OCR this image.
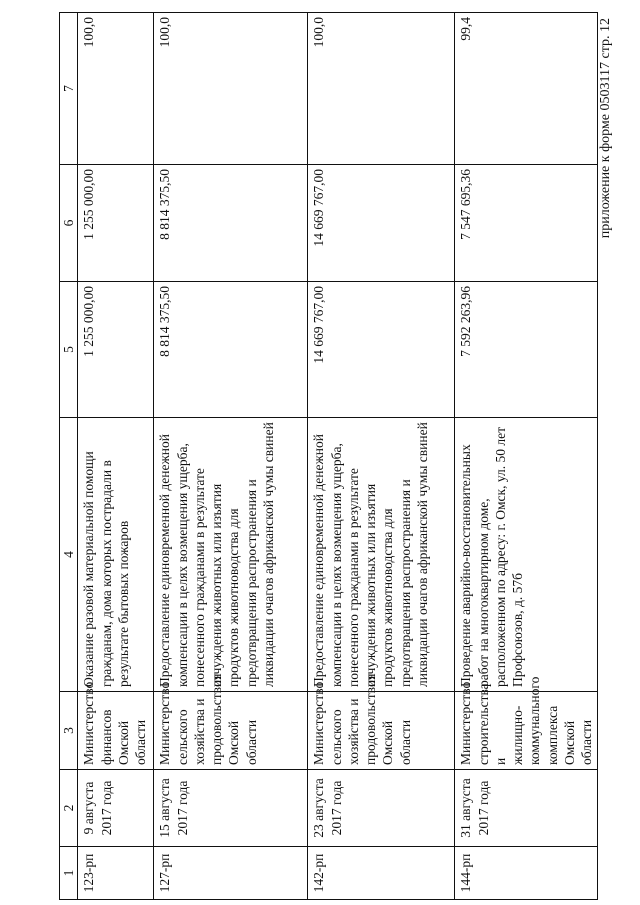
приложение к форме 0503117 стр. 12
1	2	3	4	5	6	7
123-рп	9 августа 2017 года	Министерство финансов Омской области	Оказание разовой материальной помощи гражданам, дома которых пострадали в результате бытовых пожаров	1 255 000,00	1 255 000,00	100,0
127-рп	15 августа 2017 года	Министерство сельского хозяйства и продовольствия Омской области	Предоставление единовременной денежной компенсации в целях возмещения ущерба, понесенного гражданами в результате отчуждения животных или изъятия продуктов животноводства для предотвращения распространения и ликвидации очагов африканской чумы свиней	8 814 375,50	8 814 375,50	100,0
142-рп	23 августа 2017 года	Министерство сельского хозяйства и продовольствия Омской области	Предоставление единовременной денежной компенсации в целях возмещения ущерба, понесенного гражданами в результате отчуждения животных или изъятия продуктов животноводства для предотвращения распространения и ликвидации очагов африканской чумы свиней	14 669 767,00	14 669 767,00	100,0
144-рп	31 августа 2017 года	Министерство строительства и жилищно-коммунального комплекса Омской области	Проведение аварийно-восстановительных работ на многоквартирном доме, расположенном по адресу: г. Омск, ул. 50 лет Профсоюзов, д. 57б	7 592 263,96	7 547 695,36	99,4
